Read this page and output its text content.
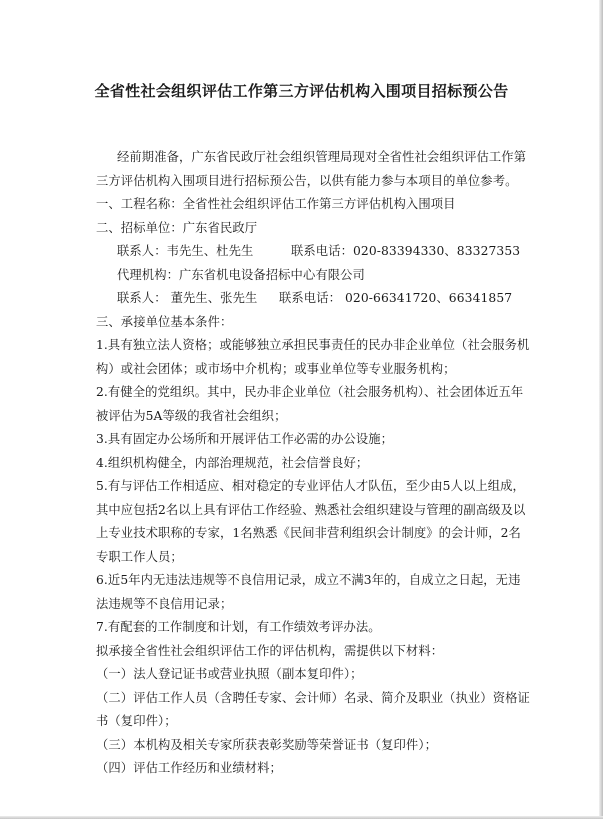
全省性社会组织评估工作第三方评估机构入围项目招标预公告
经前期准备，广东省民政厅社会组织管理局现对全省性社会组织评估工作第
三方评估机构入围项目进行招标预公告，以供有能力参与本项目的单位参考。
一、工程名称：全省性社会组织评估工作第三方评估机构入围项目
二、招标单位：广东省民政厅
联系人：韦先生、杜先生	联系电话：020-83394330、83327353
代理机构：广东省机电设备招标中心有限公司
联系人： 董先生、张先生 联系电话： 020-66341720、66341857
三、承接单位基本条件：
1.具有独立法人资格；或能够独立承担民事责任的民办非企业单位（社会服务机
构）或社会团体；或市场中介机构；或事业单位等专业服务机构；
2.有健全的党组织。其中，民办非企业单位（社会服务机构）、社会团体近五年
被评估为5A等级的我省社会组织；
3.具有固定办公场所和开展评估工作必需的办公设施；
4.组织机构健全，内部治理规范，社会信誉良好；
5.有与评估工作相适应、相对稳定的专业评估人才队伍，至少由5人以上组成，
其中应包括2名以上具有评估工作经验、熟悉社会组织建设与管理的副高级及以
上专业技术职称的专家，1名熟悉《民间非营利组织会计制度》的会计师，2名
专职工作人员；
6.近5年内无违法违规等不良信用记录，成立不满3年的，自成立之日起，无违
法违规等不良信用记录；
7.有配套的工作制度和计划，有工作绩效考评办法。
拟承接全省性社会组织评估工作的评估机构，需提供以下材料：
（一）法人登记证书或营业执照（副本复印件）；
（二）评估工作人员（含聘任专家、会计师）名录、简介及职业（执业）资格证
书（复印件）；
（三）本机构及相关专家所获表彰奖励等荣誉证书（复印件）；
（四）评估工作经历和业绩材料；
